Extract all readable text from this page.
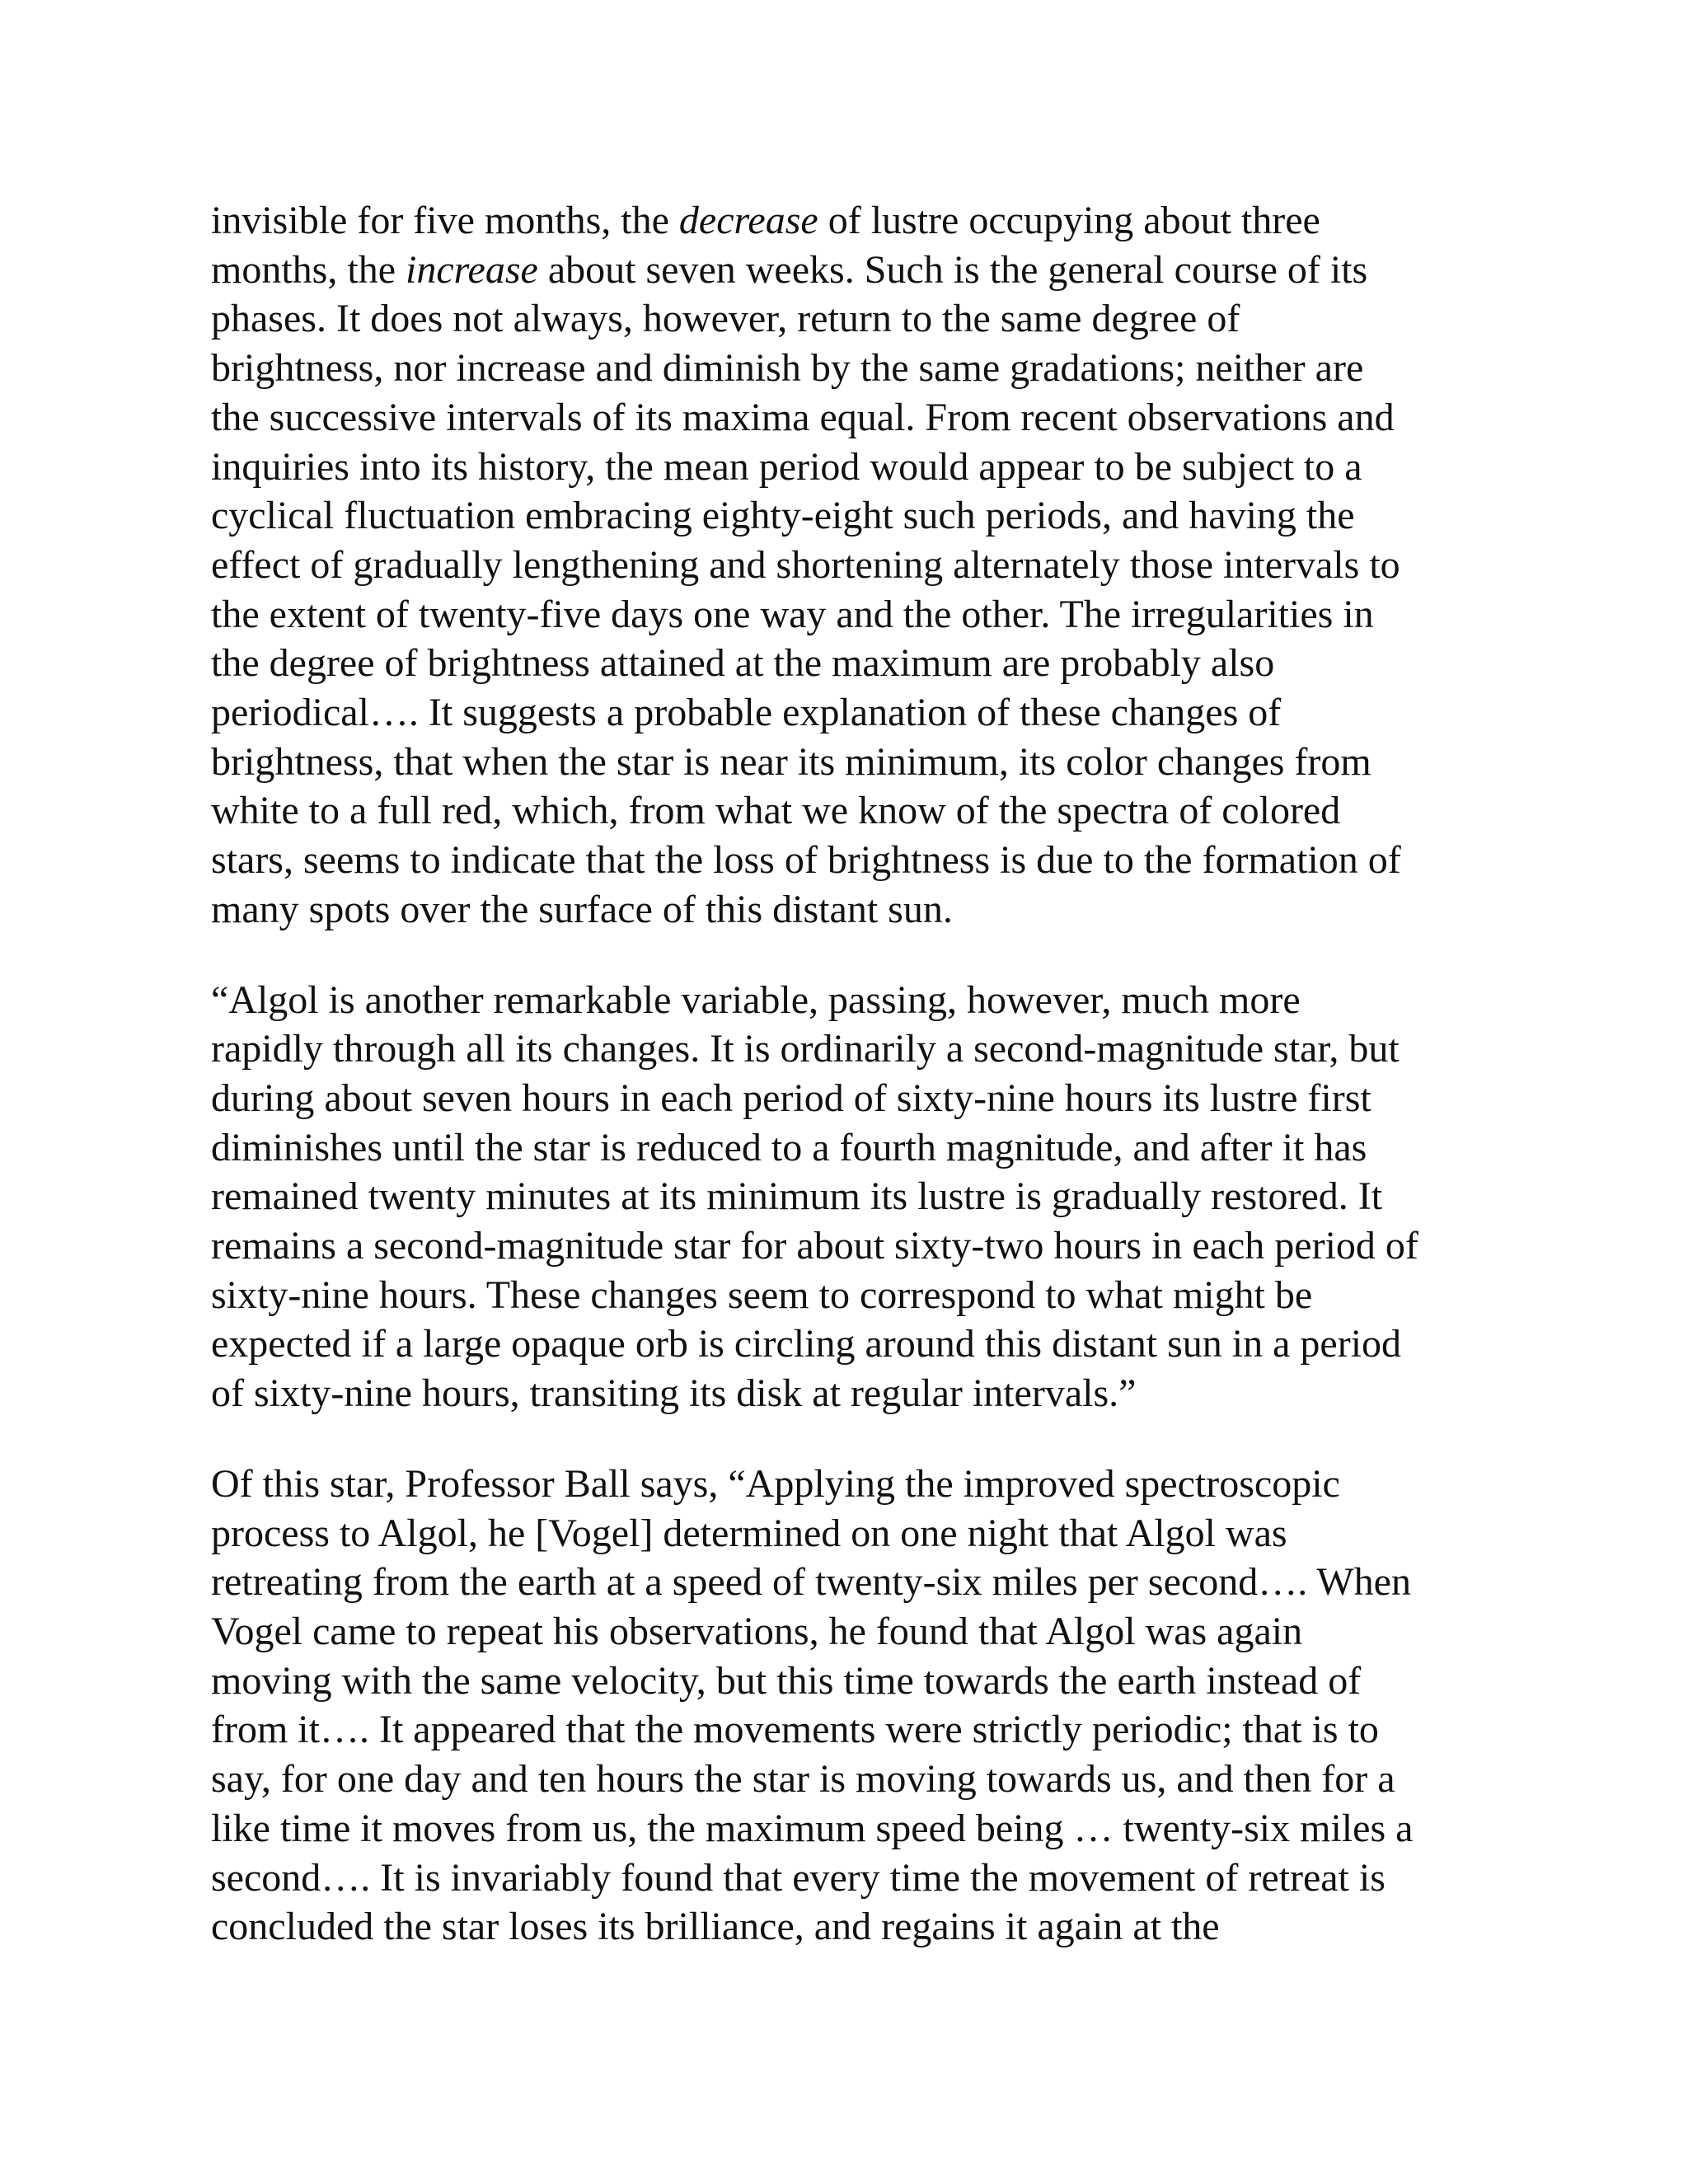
invisible for five months, the decrease of lustre occupying about three
months, the increase about seven weeks. Such is the general course of its
phases. It does not always, however, return to the same degree of
brightness, nor increase and diminish by the same gradations; neither are
the successive intervals of its maxima equal. From recent observations and
inquiries into its history, the mean period would appear to be subject to a
cyclical fluctuation embracing eighty-eight such periods, and having the
effect of gradually lengthening and shortening alternately those intervals to
the extent of twenty-five days one way and the other. The irregularities in
the degree of brightness attained at the maximum are probably also
periodical…. It suggests a probable explanation of these changes of
brightness, that when the star is near its minimum, its color changes from
white to a full red, which, from what we know of the spectra of colored
stars, seems to indicate that the loss of brightness is due to the formation of
many spots over the surface of this distant sun.
“Algol is another remarkable variable, passing, however, much more
rapidly through all its changes. It is ordinarily a second-magnitude star, but
during about seven hours in each period of sixty-nine hours its lustre first
diminishes until the star is reduced to a fourth magnitude, and after it has
remained twenty minutes at its minimum its lustre is gradually restored. It
remains a second-magnitude star for about sixty-two hours in each period of
sixty-nine hours. These changes seem to correspond to what might be
expected if a large opaque orb is circling around this distant sun in a period
of sixty-nine hours, transiting its disk at regular intervals.”
Of this star, Professor Ball says, “Applying the improved spectroscopic
process to Algol, he [Vogel] determined on one night that Algol was
retreating from the earth at a speed of twenty-six miles per second…. When
Vogel came to repeat his observations, he found that Algol was again
moving with the same velocity, but this time towards the earth instead of
from it…. It appeared that the movements were strictly periodic; that is to
say, for one day and ten hours the star is moving towards us, and then for a
like time it moves from us, the maximum speed being … twenty-six miles a
second…. It is invariably found that every time the movement of retreat is
concluded the star loses its brilliance, and regains it again at the
